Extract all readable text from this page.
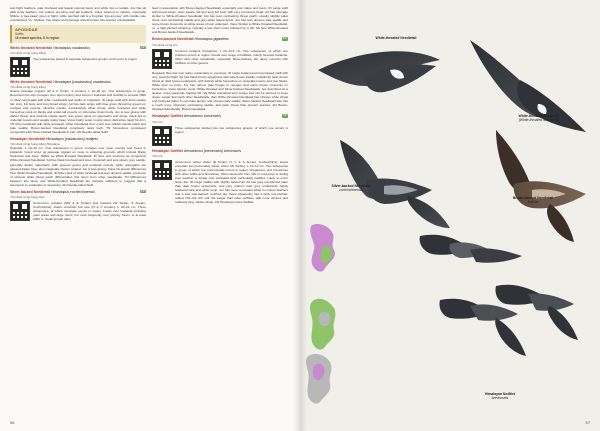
and flight feathers, pale forehead and lateral coronal band, and white tips to tertials. Juv has all dark body feathers, but retains pre-wing and tail feathers. Voice Likened to captive, especially Shikra, a 'kee-kaaw' given in flight, while perched call is a frog-like 'kyo-kyo-kay' with middle note emphasised. VL: Shrikes, tree shape and plumage should render this species unmistakable.

APODIDAE
Swifts
16 extant species, 8 in region
White-throated Needletail Hirundapus caudacutus	LC
Yến đuôi cứng họng trắng
Two subspecies placed in separate subspecies groups, both occur in region.
White-throated Needletail Hirundapus [caudacutus] caudacutus
Yến đuôi cứng họng trắng

Scarce passage migrant (W & C Tonkin, S Annam). L 19–20 cm. One subspecies in group. Recorded Oct–Apr. Forages over open country and forest in lowlands and foothills to at least 1500 m. May congregate with other needletails and swifts on migration. ID Large swift with short square tail, long, full body and long broad wings. Ad has dark wings with blue gloss (browning green) on remiges and coverts, off-white mantle, contrastingly white throat, white forehead and white horseshoe mark on flanks and under-tail coverts on otherwise brown body. Juv is less glossy with darker throat, less obvious mantle patch, less green gloss on upperparts and wings, black lips to undertail coverts and usually dusky base. Voice Fairly vocal; mostly silent, distinctive rapid 'hin-hin'. TN Only needletail with white forehead. Other Needletail from much less whitish mantle patch and pale saddle; Brown-backed Needletail completely lacks both. TN Sometimes considered conspecific with Silver-backed Needletail in part. AN Needle-tailed Swift.

Himalayan Needletail Hirundapus [caudacutus] nudipes
Yến đuôi cứng họng trắng Himalaya

Potential. L 19–20 cm. One subspecies in group. Forages over open country and forest in lowlands. Could occur as passage migrant en route to wintering grounds, which include Malay Peninsula and Java. Habits as White-throated Needletail. ID Size and structure as congeneric White-throated Needletail. Ad has black forehead and lores, brownish and less silvery grey saddle, generally darker upperparts (with greener gloss) and undertail coverts, white upperparts are glossed darker blue; also marginally shorter winged. Juv is less glossy. Voice No known differences from White-throated Needletail. ID Silver-lack of white forehead and less obvious saddle, presence of obvious white throat patch differentiates this taxon from other needletails. TN Differences between this taxon and White-throated Needletail are perhaps sufficient to suggest that a taxonomic re-evaluation is necessary. AN Needle-tailed Swift.

Silver-backed Needletail Hirundapus cochinchinensis	LC
Yến đuôi cứng họng xám
Uncommon resident (NW & E Tonkin) and resident (W Tonkin, S Annam, Cochinchina); status uncertain but rare (N & C Annam). L 20–22 cm. Three subspecies, of which nominate occurs in region. Feeds over lowlands including open areas and large rivers, but most frequently over primary forest, to at least 2000 m. Small groups often

feed in association with Brown-backed Needletail, especially over lakes and rivers. ID Large swift with broad wings, short square tail and long full body with very prominent head. Ad has plumage similar to White-throated Needletail, but has less contrasting throat patch, usually slightly paler chest, less contrasting saddle and grey-white lateral spots. Juv has less obvious pale saddle and some brown crescents on white areas of rear underpart. Voice Similar to White-throated Needletail, i.e. a high-pitched twittering, typically a few short notes followed by a trill. SS See White-throated and Brown-backed Needletails.

Brown-backed Needletail Hirundapus giganteus	LC
Yến đuôi cứng lớn
Common resident throughout. L 23–24.5 cm. Two subspecies, of which one (indicus) occurs in region. Feeds over range of habitats, mainly forested lowlands. Often with other needletails, especially Silver-backed, but rarely consorts with swiftlets of other genera.

Regularly flies low over water, particularly in evenings. ID Large-bodied and long-winged swift with very powerful flight. Ad has black-brown upperparts with pale brown saddle, indistinctly paler brown throat on dark brown underparts, with distinct white horseshoe on undertail-coverts and rear flanks. White spot on lores. Juv has narrow pale fringes to remiges and some brown crescents on horseshoe. Voice Quietly vocal: White-throated and Silver-backed Needletails, but described as a clearer, more sweet-like rippling trill. SS White supraloral spot unique and can be obvious in close views. Larger than both other Needletails, than White-throated Needletail has obvious white throat and forehead (latter in nominate alone), and obvious pale saddle; Silver-backed Needletail also has a much more obviously contrasting saddle, and paler throat than present species. AN Brown-throated (Needletail), Brown Needletail.

Himalayan Swiftlet Aerodramus brevirostris	LC
Yến núi
Three subspecies divided into two subspecies groups, of which one occurs in region.
Himalayan Swiftlet Aerodramus [brevirostris] brevirostris
Yến núi
Uncommon winter visitor (E Tonkin, N, C & S Annam, Cochinchina); status uncertain but presumably winter visitor (W Tonkin). L 13–14 cm. Two subspecies in group, of which one (innominata) occurs in region. Gregarious, and sometimes with other swifts and hirundines. Often descends from hills in cold-snap or during poor weather to forage over cultivated land, particularly paddies. Likely to occur Sept–Jun. ID Large swiftlet with slightly forked tail. Ad has grey-complected paler than dark brown upperparts, and very uniform pale grey underparts; lightly feathered tarsi and white rump. Juv has more concealed white in contour feathers and a less well-defined, notched tail. Voice Apparently has a fairly low-pitched, rattled 'chit chit chit' call. SS Larger than other swiftlets, with more obvious and relatively long, darker wings. AN Himalayan Cave Swiftlet.
56
White-throated Needletail
White-throated Needletail
(White-throated Needletail)
Silver-backed Needletail
cochinchinensis
Brown-backed Needletail
indicus
Himalayan Swiftlet
brevirostris
57
